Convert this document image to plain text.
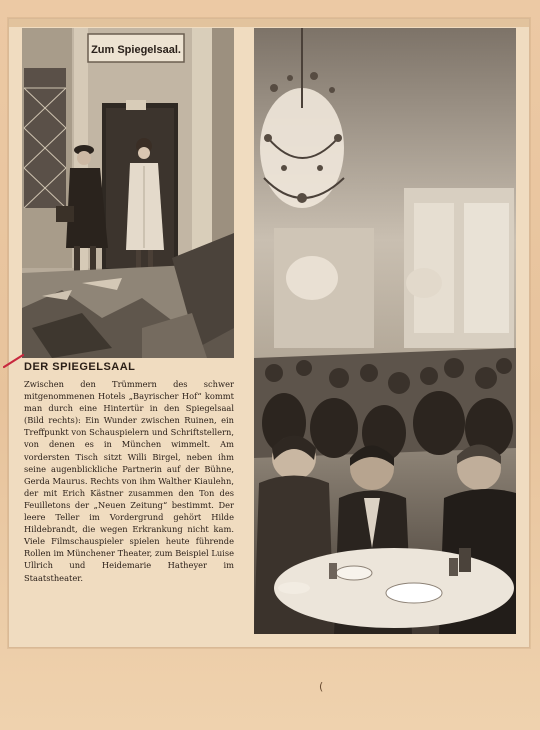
Zum Spiegelsaal.
DER SPIEGELSAAL

Zwischen den Trümmern des schwer mitgenommenen Hotels „Bayrischer Hof“ kommt man durch eine Hintertür in den Spiegelsaal (Bild rechts): Ein Wunder zwischen Ruinen, ein Treffpunkt von Schauspielern und Schriftstellern, von denen es in München wimmelt. Am vordersten Tisch sitzt Willi Birgel, neben ihm seine augenblickliche Partnerin auf der Bühne, Gerda Maurus. Rechts von ihm Walther Kiaulehn, der mit Erich Kästner zusammen den Ton des Feuilletons der „Neuen Zeitung“ bestimmt. Der leere Teller im Vordergrund gehört Hilde Hildebrandt, die wegen Erkrankung nicht kam. Viele Filmschauspieler spielen heute führende Rollen im Münchener Theater, zum Beispiel Luise Ullrich und Heidemarie Hatheyer im Staatstheater.

(
